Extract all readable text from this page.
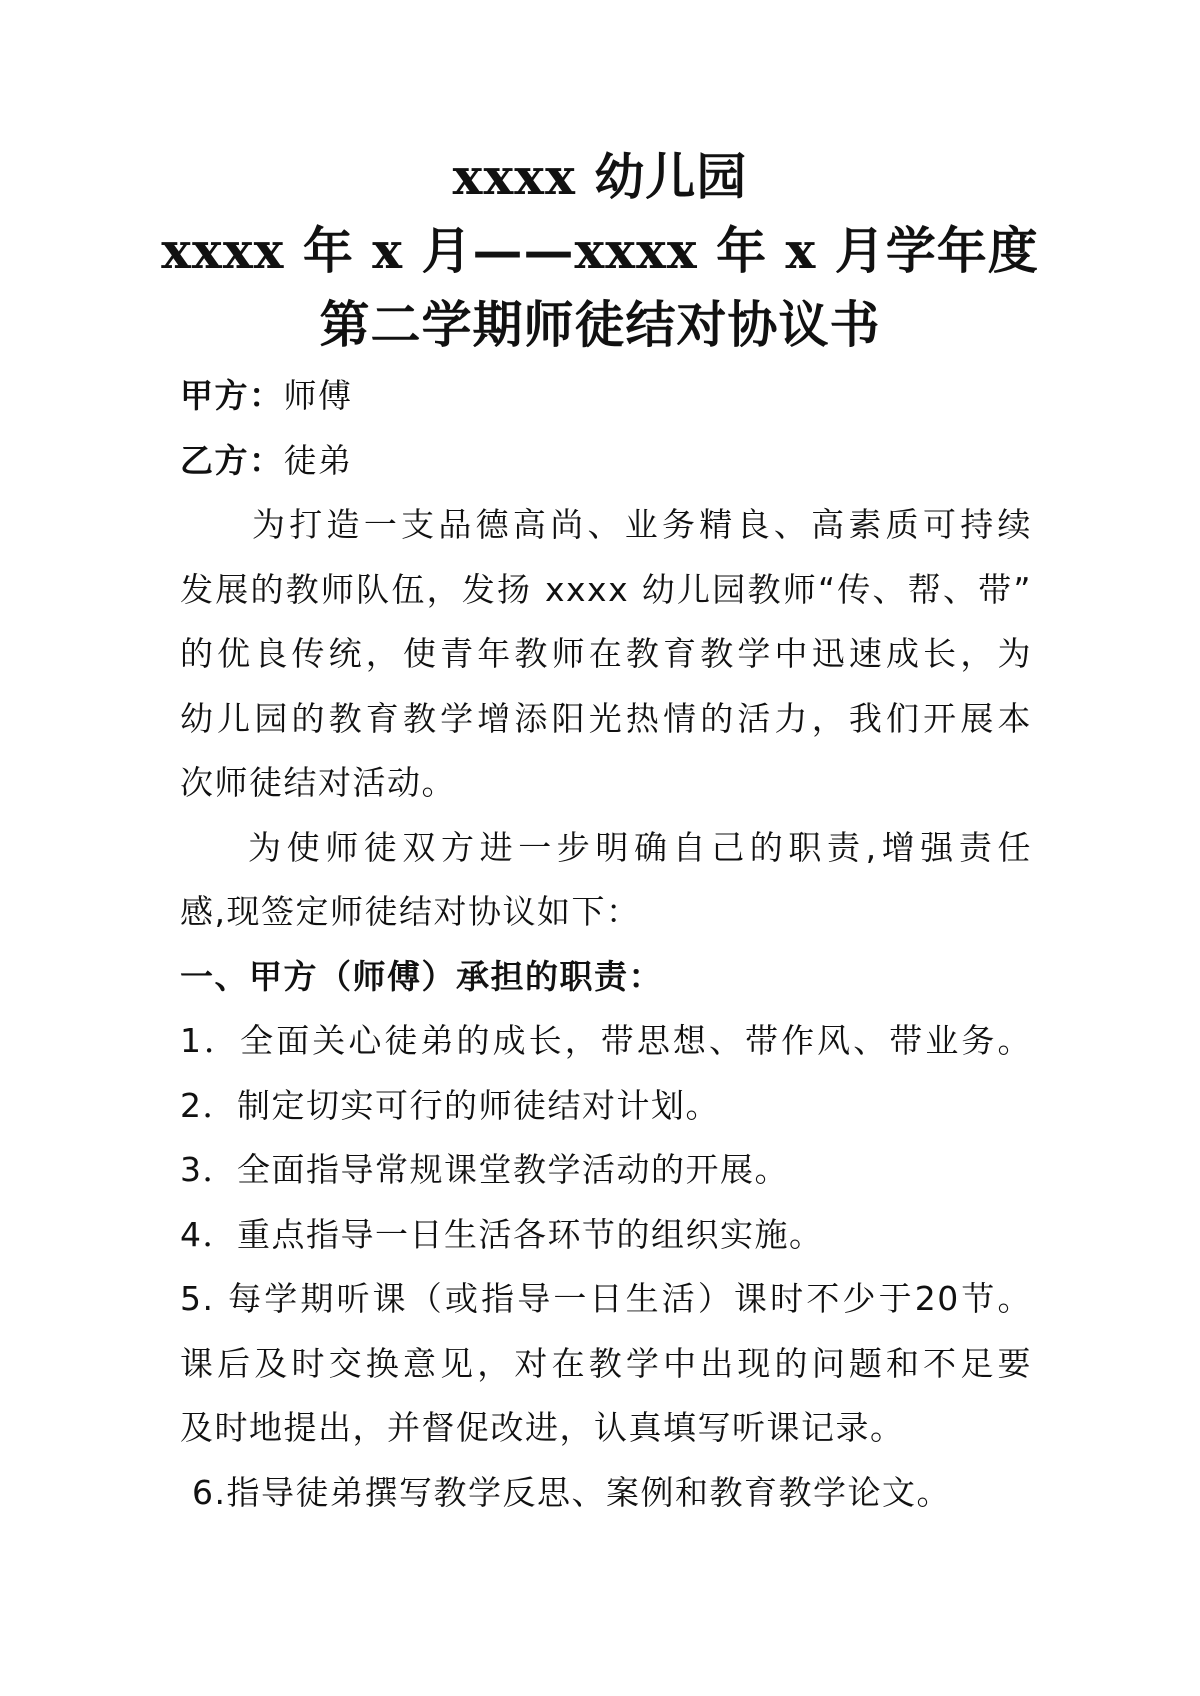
xxxx 幼儿园
xxxx 年 x 月——xxxx 年 x 月学年度
第二学期师徒结对协议书
甲方：师傅
乙方：徒弟
为打造一支品德高尚、业务精良、高素质可持续
发展的教师队伍，发扬 xxxx 幼儿园教师“传、帮、带”
的优良传统，使青年教师在教育教学中迅速成长，为
幼儿园的教育教学增添阳光热情的活力，我们开展本
次师徒结对活动。
为使师徒双方进一步明确自己的职责,增强责任
感,现签定师徒结对协议如下：
一、甲方（师傅）承担的职责：
1．全面关心徒弟的成长，带思想、带作风、带业务。
2．制定切实可行的师徒结对计划。
3．全面指导常规课堂教学活动的开展。
4．重点指导一日生活各环节的组织实施。
5. 每学期听课（或指导一日生活）课时不少于20节。
课后及时交换意见，对在教学中出现的问题和不足要
及时地提出，并督促改进，认真填写听课记录。
6.指导徒弟撰写教学反思、案例和教育教学论文。
